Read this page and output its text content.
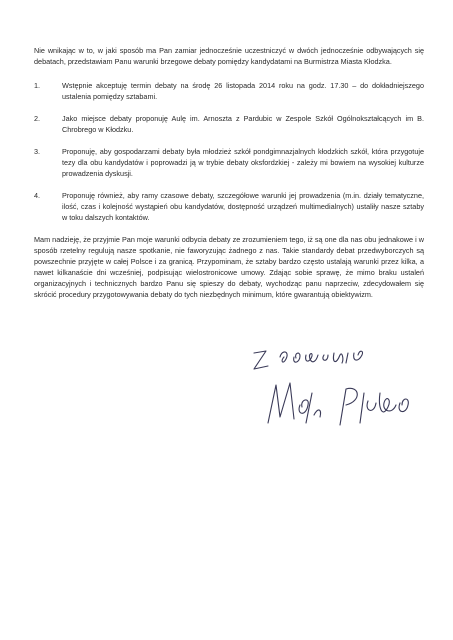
Nie wnikając w to, w jaki sposób ma Pan zamiar jednocześnie uczestniczyć w dwóch jednocześnie odbywających się debatach, przedstawiam Panu warunki brzegowe debaty pomiędzy kandydatami na Burmistrza Miasta Kłodzka.

1.	Wstępnie akceptuję termin debaty na środę 26 listopada 2014 roku na godz. 17.30 – do dokładniejszego ustalenia pomiędzy sztabami.
2.	Jako miejsce debaty proponuję Aulę im. Arnoszta z Pardubic w Zespole Szkół Ogólnokształcących im B. Chrobrego w Kłodzku.
3.	Proponuję, aby gospodarzami debaty była młodzież szkół pondgimnazjalnych kłodzkich szkół, która przygotuje tezy dla obu kandydatów i poprowadzi ją w trybie debaty oksfordzkiej - zależy mi bowiem na wysokiej kulturze prowadzenia dyskusji.
4.	Proponuję również, aby ramy czasowe debaty, szczegółowe warunki jej prowadzenia (m.in. działy tematyczne, ilość, czas i kolejność wystąpień obu kandydatów, dostępność urządzeń multimedialnych) ustaliły nasze sztaby w toku dalszych kontaktów.

Mam nadzieję, że przyjmie Pan moje warunki odbycia debaty ze zrozumieniem tego, iż są one dla nas obu jednakowe i w sposób rzetelny regulują nasze spotkanie, nie faworyzując żadnego z nas. Takie standardy debat przedwyborczych są powszechnie przyjęte w całej Polsce i za granicą. Przypominam, że sztaby bardzo często ustalają warunki przez kilka, a nawet kilkanaście dni wcześniej, podpisując wielostronicowe umowy. Zdając sobie sprawę, że mimo braku ustaleń organizacyjnych i technicznych bardzo Panu się spieszy do debaty, wychodząc panu naprzeciw, zdecydowałem się skrócić procedury przygotowywania debaty do tych niezbędnych minimum, które gwarantują obiektywizm.
